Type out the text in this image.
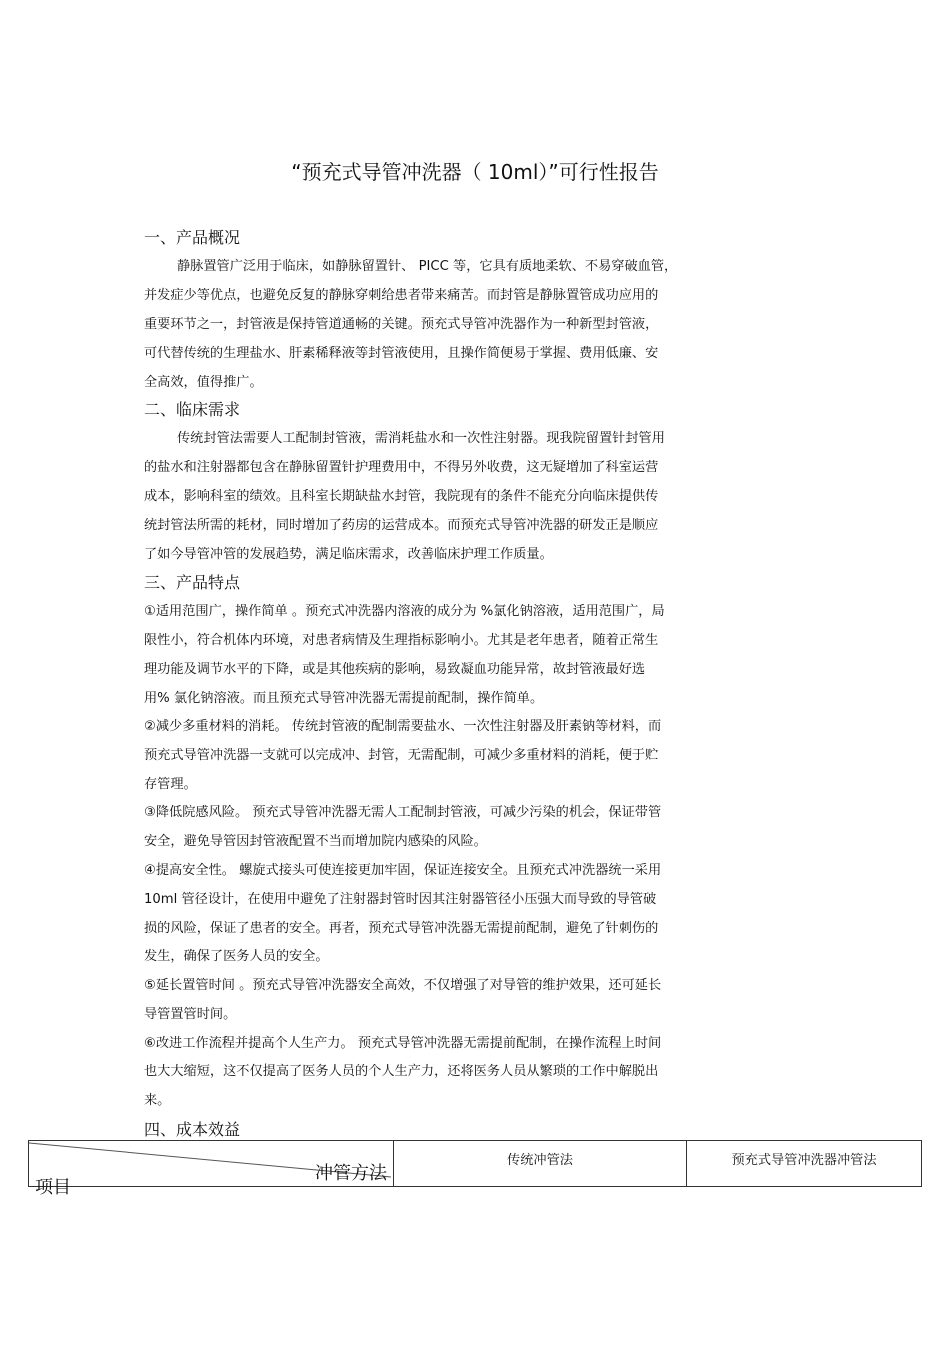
“预充式导管冲洗器（ 10ml）”可行性报告
一、产品概况
静脉置管广泛用于临床，如静脉留置针、 PICC 等，它具有质地柔软、不易穿破血管，
并发症少等优点，也避免反复的静脉穿刺给患者带来痛苦。而封管是静脉置管成功应用的
重要环节之一，封管液是保持管道通畅的关键。预充式导管冲洗器作为一种新型封管液，
可代替传统的生理盐水、肝素稀释液等封管液使用，且操作简便易于掌握、费用低廉、安
全高效，值得推广。
二、临床需求
传统封管法需要人工配制封管液，需消耗盐水和一次性注射器。现我院留置针封管用
的盐水和注射器都包含在静脉留置针护理费用中，不得另外收费，这无疑增加了科室运营
成本，影响科室的绩效。且科室长期缺盐水封管，我院现有的条件不能充分向临床提供传
统封管法所需的耗材，同时增加了药房的运营成本。而预充式导管冲洗器的研发正是顺应
了如今导管冲管的发展趋势，满足临床需求，改善临床护理工作质量。
三、产品特点
①适用范围广，操作简单 。预充式冲洗器内溶液的成分为 %氯化钠溶液，适用范围广，局
限性小，符合机体内环境，对患者病情及生理指标影响小。尤其是老年患者，随着正常生
理功能及调节水平的下降，或是其他疾病的影响，易致凝血功能异常，故封管液最好选
用% 氯化钠溶液。而且预充式导管冲洗器无需提前配制，操作简单。
②减少多重材料的消耗。 传统封管液的配制需要盐水、一次性注射器及肝素钠等材料，而
预充式导管冲洗器一支就可以完成冲、封管，无需配制，可减少多重材料的消耗，便于贮
存管理。
③降低院感风险。 预充式导管冲洗器无需人工配制封管液，可减少污染的机会，保证带管
安全，避免导管因封管液配置不当而增加院内感染的风险。
④提高安全性。 螺旋式接头可使连接更加牢固，保证连接安全。且预充式冲洗器统一采用
10ml 管径设计，在使用中避免了注射器封管时因其注射器管径小压强大而导致的导管破
损的风险，保证了患者的安全。再者，预充式导管冲洗器无需提前配制，避免了针刺伤的
发生，确保了医务人员的安全。
⑤延长置管时间 。预充式导管冲洗器安全高效，不仅增强了对导管的维护效果，还可延长
导管置管时间。
⑥改进工作流程并提高个人生产力。 预充式导管冲洗器无需提前配制，在操作流程上时间
也大大缩短，这不仅提高了医务人员的个人生产力，还将医务人员从繁琐的工作中解脱出
来。
四、成本效益
冲管方法
项目
	传统冲管法	预充式导管冲洗器冲管法
